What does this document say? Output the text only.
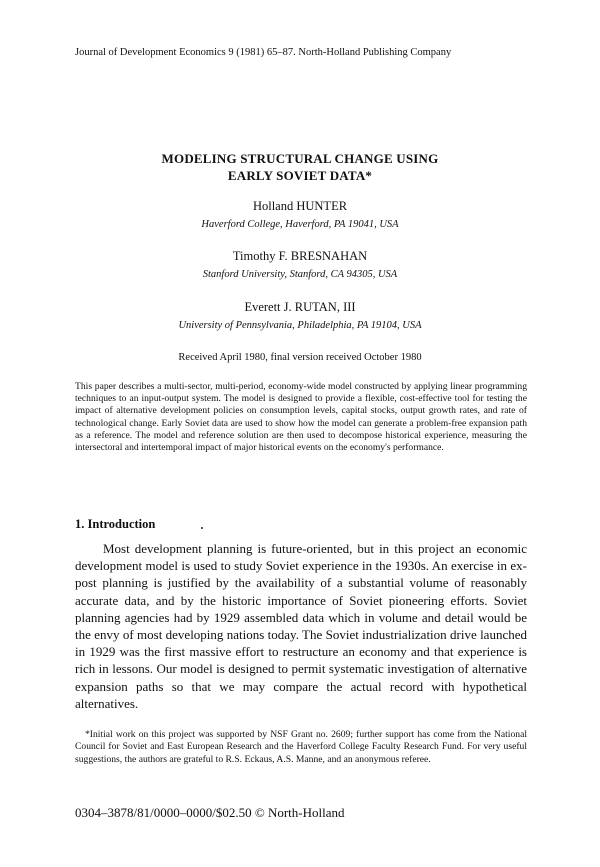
Journal of Development Economics 9 (1981) 65–87. North-Holland Publishing Company
MODELING STRUCTURAL CHANGE USING
EARLY SOVIET DATA*
Holland HUNTER
Haverford College, Haverford, PA 19041, USA
Timothy F. BRESNAHAN
Stanford University, Stanford, CA 94305, USA
Everett J. RUTAN, III
University of Pennsylvania, Philadelphia, PA 19104, USA
Received April 1980, final version received October 1980
This paper describes a multi-sector, multi-period, economy-wide model constructed by applying linear programming techniques to an input-output system. The model is designed to provide a flexible, cost-effective tool for testing the impact of alternative development policies on consumption levels, capital stocks, output growth rates, and rate of technological change. Early Soviet data are used to show how the model can generate a problem-free expansion path as a reference. The model and reference solution are then used to decompose historical experience, measuring the intersectoral and intertemporal impact of major historical events on the economy's performance.
1. Introduction
Most development planning is future-oriented, but in this project an economic development model is used to study Soviet experience in the 1930s. An exercise in ex-post planning is justified by the availability of a substantial volume of reasonably accurate data, and by the historic importance of Soviet pioneering efforts. Soviet planning agencies had by 1929 assembled data which in volume and detail would be the envy of most developing nations today. The Soviet industrialization drive launched in 1929 was the first massive effort to restructure an economy and that experience is rich in lessons. Our model is designed to permit systematic investigation of alternative expansion paths so that we may compare the actual record with hypothetical alternatives.
*Initial work on this project was supported by NSF Grant no. 2609; further support has come from the National Council for Soviet and East European Research and the Haverford College Faculty Research Fund. For very useful suggestions, the authors are grateful to R.S. Eckaus, A.S. Manne, and an anonymous referee.
0304–3878/81/0000–0000/$02.50 © North-Holland
